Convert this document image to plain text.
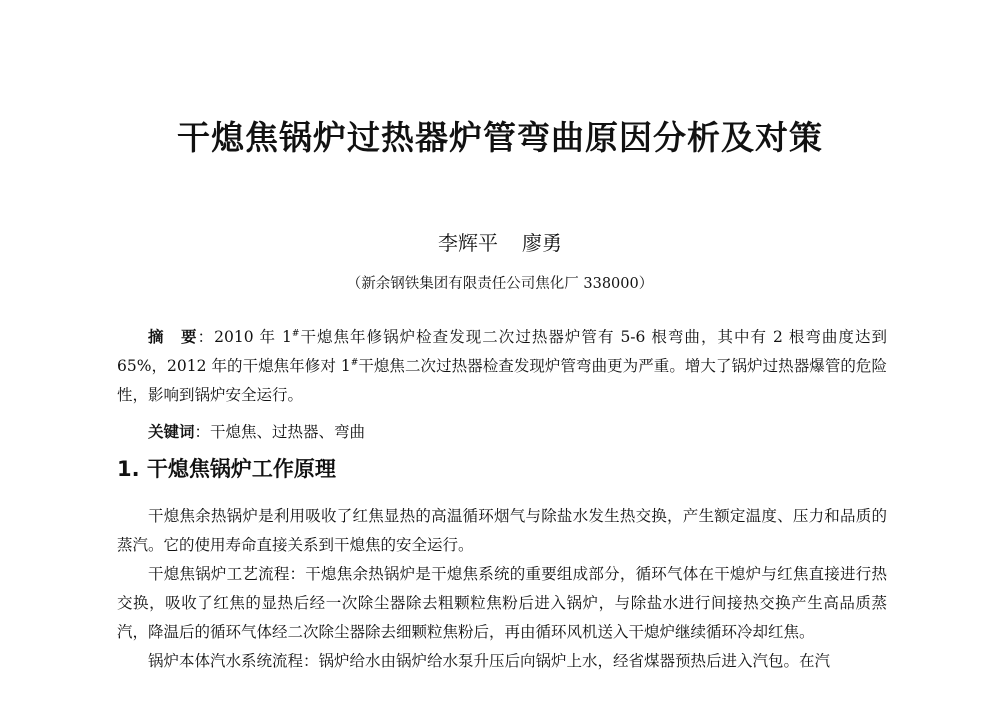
干熄焦锅炉过热器炉管弯曲原因分析及对策
李辉平 廖勇
（新余钢铁集团有限责任公司焦化厂 338000）

摘　要：2010 年 1#干熄焦年修锅炉检查发现二次过热器炉管有 5-6 根弯曲，其中有 2 根弯曲度达到 65%，2012 年的干熄焦年修对 1#干熄焦二次过热器检查发现炉管弯曲更为严重。增大了锅炉过热器爆管的危险性，影响到锅炉安全运行。

关键词：干熄焦、过热器、弯曲

1. 干熄焦锅炉工作原理

干熄焦余热锅炉是利用吸收了红焦显热的高温循环烟气与除盐水发生热交换，产生额定温度、压力和品质的蒸汽。它的使用寿命直接关系到干熄焦的安全运行。

干熄焦锅炉工艺流程：干熄焦余热锅炉是干熄焦系统的重要组成部分，循环气体在干熄炉与红焦直接进行热交换，吸收了红焦的显热后经一次除尘器除去粗颗粒焦粉后进入锅炉，与除盐水进行间接热交换产生高品质蒸汽，降温后的循环气体经二次除尘器除去细颗粒焦粉后，再由循环风机送入干熄炉继续循环冷却红焦。

锅炉本体汽水系统流程：锅炉给水由锅炉给水泵升压后向锅炉上水，经省煤器预热后进入汽包。在汽
